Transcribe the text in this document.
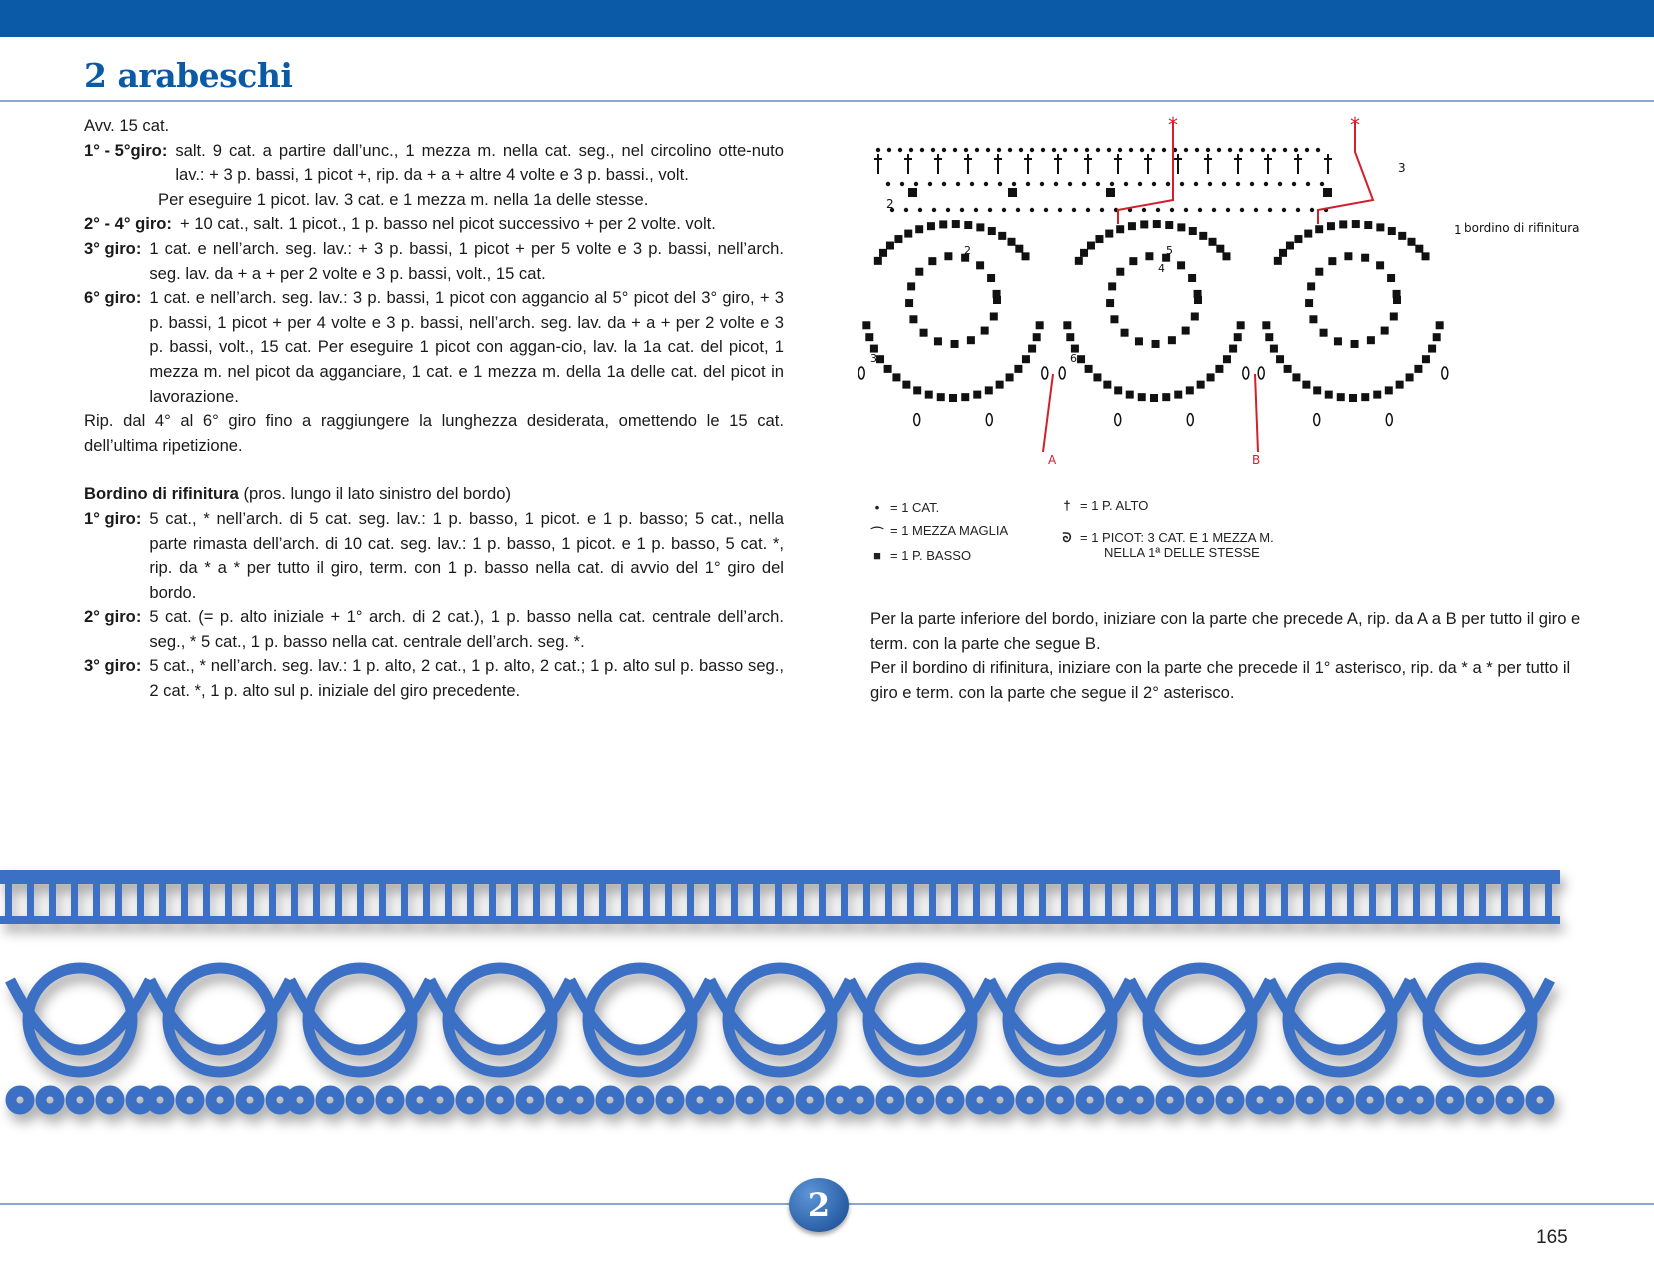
2 arabeschi

Avv. 15 cat.

1° - 5°giro: salt. 9 cat. a partire dall’unc., 1 mezza m. nella cat. seg., nel circolino otte-nuto lav.: + 3 p. bassi, 1 picot +, rip. da + a + altre 4 volte e 3 p. bassi., volt.
Per eseguire 1 picot. lav. 3 cat. e 1 mezza m. nella 1a delle stesse.
2° - 4° giro: + 10 cat., salt. 1 picot., 1 p. basso nel picot successivo + per 2 volte. volt.
3° giro: 1 cat. e nell’arch. seg. lav.: + 3 p. bassi, 1 picot + per 5 volte e 3 p. bassi, nell’arch. seg. lav. da + a + per 2 volte e 3 p. bassi, volt., 15 cat.
6° giro: 1 cat. e nell’arch. seg. lav.: 3 p. bassi, 1 picot con aggancio al 5° picot del 3° giro, + 3 p. bassi, 1 picot + per 4 volte e 3 p. bassi, nell’arch. seg. lav. da + a + per 2 volte e 3 p. bassi, volt., 15 cat. Per eseguire 1 picot con aggan-cio, lav. la 1a cat. del picot, 1 mezza m. nel picot da agganciare, 1 cat. e 1 mezza m. della 1a delle cat. del picot in lavorazione.

Rip. dal 4° al 6° giro fino a raggiungere la lunghezza desiderata, omettendo le 15 cat. dell’ultima ripetizione.

Bordino di rifinitura (pros. lungo il lato sinistro del bordo)

1° giro: 5 cat., * nell’arch. di 5 cat. seg. lav.: 1 p. basso, 1 picot. e 1 p. basso; 5 cat., nella parte rimasta dell’arch. di 10 cat. seg. lav.: 1 p. basso, 1 picot. e 1 p. basso, 5 cat. *, rip. da * a * per tutto il giro, term. con 1 p. basso nella cat. di avvio del 1° giro del bordo.
2° giro: 5 cat. (= p. alto iniziale + 1° arch. di 2 cat.), 1 p. basso nella cat. centrale dell’arch. seg., * 5 cat., 1 p. basso nella cat. centrale dell’arch. seg. *.
3° giro: 5 cat., * nell’arch. seg. lav.: 1 p. alto, 2 cat., 1 p. alto, 2 cat.; 1 p. alto sul p. basso seg., 2 cat. *, 1 p. alto sul p. iniziale del giro precedente.
*	*
A	B
2
3
1 bordino di rifinitura
2	5
4
3	6
• = 1 CAT.
⌒ = 1 MEZZA MAGLIA
■ = 1 P. BASSO
† = 1 P. ALTO
ᘐ = 1 PICOT: 3 CAT. E 1 MEZZA M.
NELLA 1ª DELLE STESSE

Per la parte inferiore del bordo, iniziare con la parte che precede A, rip. da A a B per tutto il giro e term. con la parte che segue B.

Per il bordino di rifinitura, iniziare con la parte che precede il 1° asterisco, rip. da * a * per tutto il giro e term. con la parte che segue il 2° asterisco.

2
165
